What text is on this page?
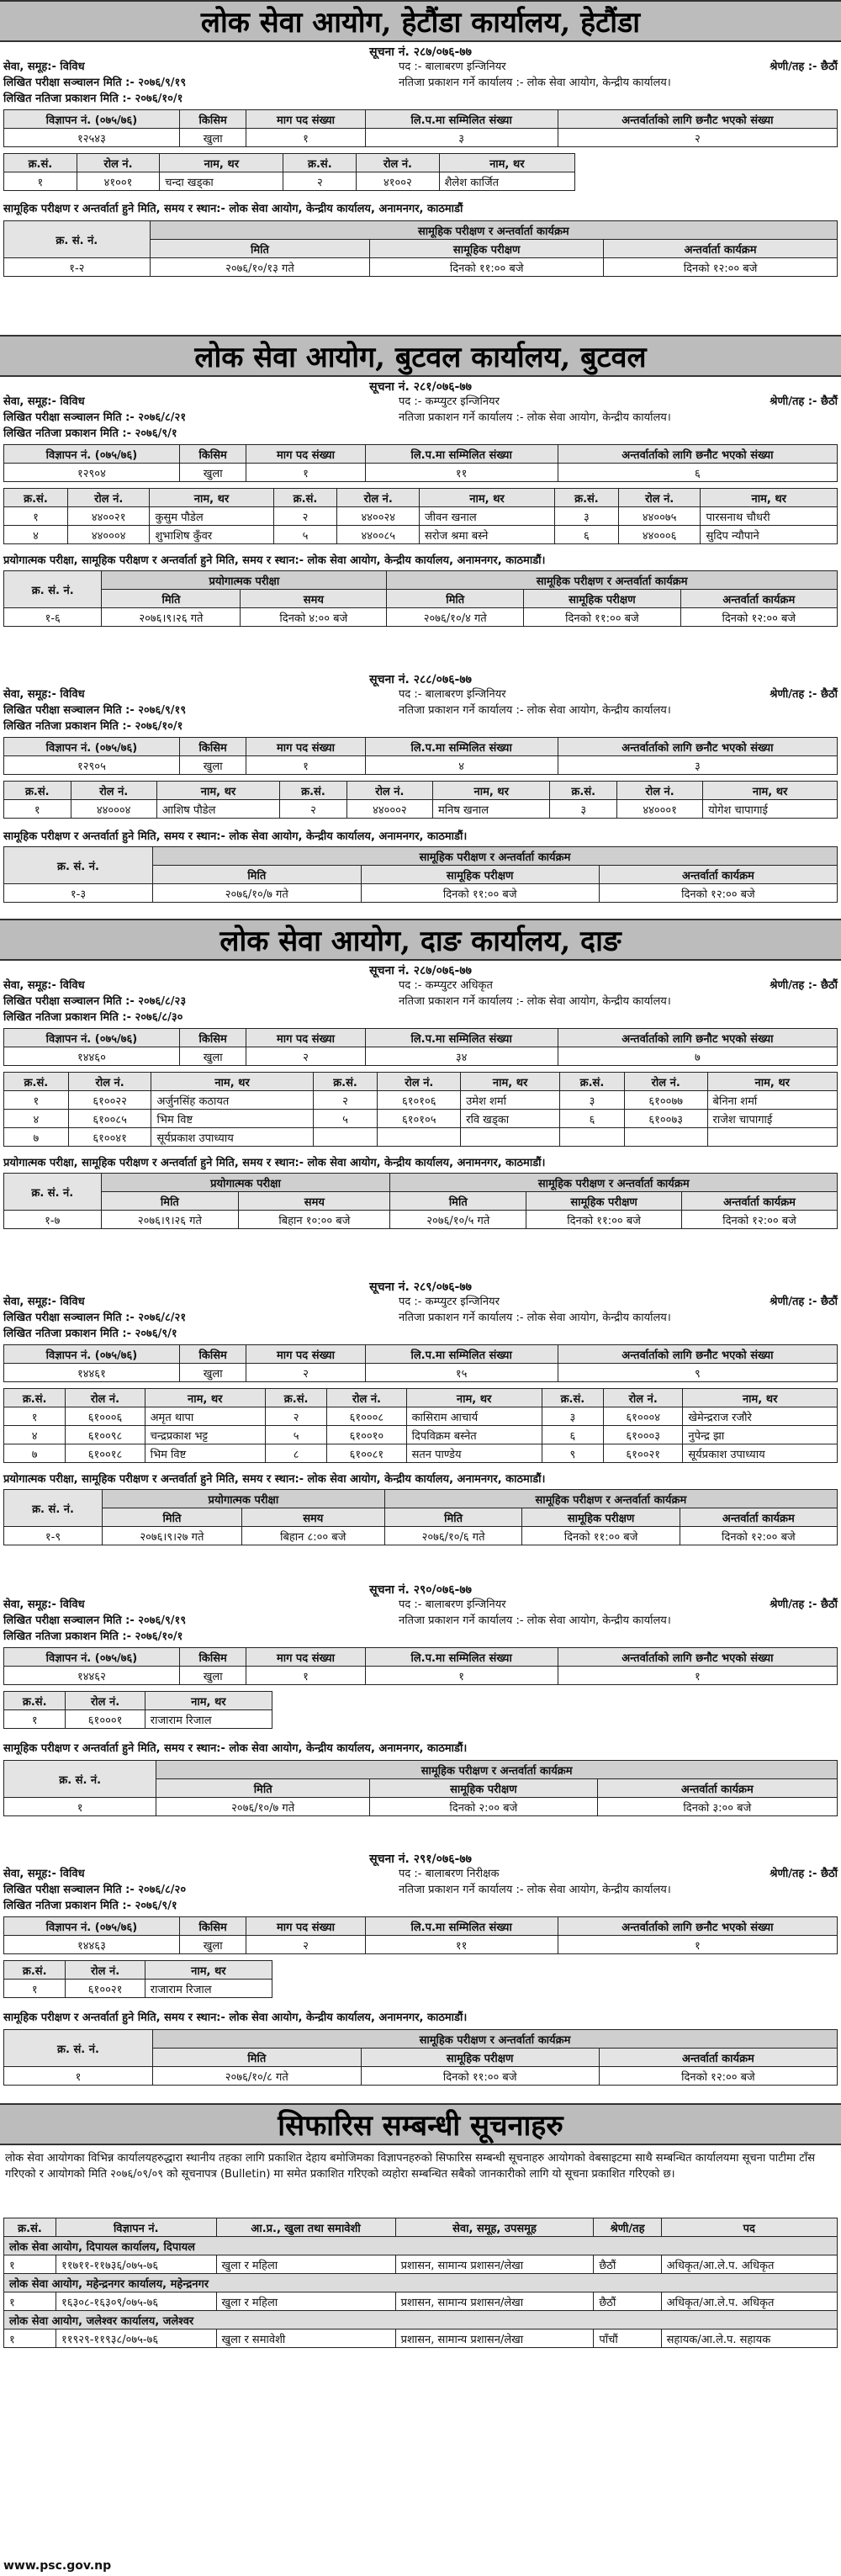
लोक सेवा आयोग, हेटौंडा कार्यालय, हेटौंडा
सूचना नं. २८७/०७६-७७
सेवा, समूह:- विविध	पद :- बालाबरण इन्जिनियर	श्रेणी/तह :- छैठौं
लिखित परीक्षा सञ्चालन मिति :- २०७६/९/१९	नतिजा प्रकाशन गर्ने कार्यालय :- लोक सेवा आयोग, केन्द्रीय कार्यालय।
लिखित नतिजा प्रकाशन मिति :- २०७६/१०/१
विज्ञापन नं. (०७५/७६)	किसिम	माग पद संख्या	लि.प.मा सम्मिलित संख्या	अन्तर्वार्ताको लागि छनौट भएको संख्या
१२५४३	खुला	१	३	२
क्र.सं.	रोल नं.	नाम, थर	क्र.सं.	रोल नं.	नाम, थर
१	४१००१	चन्दा खड्का	२	४१००२	शैलेश कार्जित
सामूहिक परीक्षण र अन्तर्वार्ता हुने मिति, समय र स्थान:- लोक सेवा आयोग, केन्द्रीय कार्यालय, अनामनगर, काठमाडौं
क्र. सं. नं.	सामूहिक परीक्षण र अन्तर्वार्ता कार्यक्रम		
	मिति	सामूहिक परीक्षण	अन्तर्वार्ता कार्यक्रम
१-२	२०७६/१०/१३ गते	दिनको ११:०० बजे	दिनको १२:०० बजे
लोक सेवा आयोग, बुटवल कार्यालय, बुटवल
सूचना नं. २८१/०७६-७७
सेवा, समूह:- विविध	पद :- कम्प्युटर इन्जिनियर	श्रेणी/तह :- छैठौं
लिखित परीक्षा सञ्चालन मिति :- २०७६/८/२१	नतिजा प्रकाशन गर्ने कार्यालय :- लोक सेवा आयोग, केन्द्रीय कार्यालय।
लिखित नतिजा प्रकाशन मिति :- २०७६/९/१
विज्ञापन नं. (०७५/७६)	किसिम	माग पद संख्या	लि.प.मा सम्मिलित संख्या	अन्तर्वार्ताको लागि छनौट भएको संख्या
१२९०४	खुला	१	११	६
क्र.सं.	रोल नं.	नाम, थर	क्र.सं.	रोल नं.	नाम, थर	क्र.सं.	रोल नं.	नाम, थर
१	४४००२१	कुसुम पौडेल	२	४४००२४	जीवन खनाल	३	४४००७५	पारसनाथ चौधरी
४	४४०००४	शुभाशिष कुँवर	५	४४००८५	सरोज श्रमा बस्ने	६	४४०००६	सुदिप न्यौपाने
प्रयोगात्मक परीक्षा, सामूहिक परीक्षण र अन्तर्वार्ता हुने मिति, समय र स्थान:- लोक सेवा आयोग, केन्द्रीय कार्यालय, अनामनगर, काठमाडौं।
क्र. सं. नं.	प्रयोगात्मक परीक्षा		सामूहिक परीक्षण र अन्तर्वार्ता कार्यक्रम		
	मिति	समय	मिति	सामूहिक परीक्षण	अन्तर्वार्ता कार्यक्रम
१-६	२०७६।९।२६ गते	दिनको ४:०० बजे	२०७६/१०/४ गते	दिनको ११:०० बजे	दिनको १२:०० बजे
सूचना नं. २८८/०७६-७७
सेवा, समूह:- विविध	पद :- बालाबरण इन्जिनियर	श्रेणी/तह :- छैठौं
लिखित परीक्षा सञ्चालन मिति :- २०७६/९/१९	नतिजा प्रकाशन गर्ने कार्यालय :- लोक सेवा आयोग, केन्द्रीय कार्यालय।
लिखित नतिजा प्रकाशन मिति :- २०७६/१०/१
विज्ञापन नं. (०७५/७६)	किसिम	माग पद संख्या	लि.प.मा सम्मिलित संख्या	अन्तर्वार्ताको लागि छनौट भएको संख्या
१२९०५	खुला	१	४	३
क्र.सं.	रोल नं.	नाम, थर	क्र.सं.	रोल नं.	नाम, थर	क्र.सं.	रोल नं.	नाम, थर
१	४४०००४	आशिष पौडेल	२	४४०००२	मनिष खनाल	३	४४०००१	योगेश चापागाई
सामूहिक परीक्षण र अन्तर्वार्ता हुने मिति, समय र स्थान:- लोक सेवा आयोग, केन्द्रीय कार्यालय, अनामनगर, काठमाडौं।
क्र. सं. नं.	सामूहिक परीक्षण र अन्तर्वार्ता कार्यक्रम		
	मिति	सामूहिक परीक्षण	अन्तर्वार्ता कार्यक्रम
१-३	२०७६/१०/७ गते	दिनको ११:०० बजे	दिनको १२:०० बजे
लोक सेवा आयोग, दाङ कार्यालय, दाङ
सूचना नं. २८७/०७६-७७
सेवा, समूह:- विविध	पद :- कम्प्युटर अधिकृत	श्रेणी/तह :- छैठौं
लिखित परीक्षा सञ्चालन मिति :- २०७६/८/२३	नतिजा प्रकाशन गर्ने कार्यालय :- लोक सेवा आयोग, केन्द्रीय कार्यालय।
लिखित नतिजा प्रकाशन मिति :- २०७६/८/३०
विज्ञापन नं. (०७५/७६)	किसिम	माग पद संख्या	लि.प.मा सम्मिलित संख्या	अन्तर्वार्ताको लागि छनौट भएको संख्या
१४४६०	खुला	२	३४	७
क्र.सं.	रोल नं.	नाम, थर	क्र.सं.	रोल नं.	नाम, थर	क्र.सं.	रोल नं.	नाम, थर
१	६१००२२	अर्जुनसिंह कठायत	२	६१०१०६	उमेश शर्मा	३	६१००७७	बेनिना शर्मा
४	६१००८५	भिम विष्ट	५	६१०१०५	रवि खड्का	६	६१००७३	राजेश चापागाई
७	६१००४१	सूर्यप्रकाश उपाध्याय						
प्रयोगात्मक परीक्षा, सामूहिक परीक्षण र अन्तर्वार्ता हुने मिति, समय र स्थान:- लोक सेवा आयोग, केन्द्रीय कार्यालय, अनामनगर, काठमाडौं।
क्र. सं. नं.	प्रयोगात्मक परीक्षा		सामूहिक परीक्षण र अन्तर्वार्ता कार्यक्रम		
	मिति	समय	मिति	सामूहिक परीक्षण	अन्तर्वार्ता कार्यक्रम
१-७	२०७६।९।२६ गते	बिहान १०:०० बजे	२०७६/१०/५ गते	दिनको ११:०० बजे	दिनको १२:०० बजे
सूचना नं. २८९/०७६-७७
सेवा, समूह:- विविध	पद :- कम्प्युटर इन्जिनियर	श्रेणी/तह :- छैठौं
लिखित परीक्षा सञ्चालन मिति :- २०७६/८/२१	नतिजा प्रकाशन गर्ने कार्यालय :- लोक सेवा आयोग, केन्द्रीय कार्यालय।
लिखित नतिजा प्रकाशन मिति :- २०७६/९/१
विज्ञापन नं. (०७५/७६)	किसिम	माग पद संख्या	लि.प.मा सम्मिलित संख्या	अन्तर्वार्ताको लागि छनौट भएको संख्या
१४४६१	खुला	२	१५	९
क्र.सं.	रोल नं.	नाम, थर	क्र.सं.	रोल नं.	नाम, थर	क्र.सं.	रोल नं.	नाम, थर
१	६१०००६	अमृत थापा	२	६१०००८	कासिराम आचार्य	३	६१०००४	खेमेन्द्रराज रजौरे
४	६१००९८	चन्द्रप्रकाश भट्ट	५	६१००१०	दिपविक्रम बस्नेत	६	६१०००३	नुपेन्द्र झा
७	६१००१८	भिम विष्ट	८	६१००८१	सतन पाण्डेय	९	६१००२१	सूर्यप्रकाश उपाध्याय
प्रयोगात्मक परीक्षा, सामूहिक परीक्षण र अन्तर्वार्ता हुने मिति, समय र स्थान:- लोक सेवा आयोग, केन्द्रीय कार्यालय, अनामनगर, काठमाडौं।
क्र. सं. नं.	प्रयोगात्मक परीक्षा		सामूहिक परीक्षण र अन्तर्वार्ता कार्यक्रम		
	मिति	समय	मिति	सामूहिक परीक्षण	अन्तर्वार्ता कार्यक्रम
१-९	२०७६।९।२७ गते	बिहान ८:०० बजे	२०७६/१०/६ गते	दिनको ११:०० बजे	दिनको १२:०० बजे
सूचना नं. २९०/०७६-७७
सेवा, समूह:- विविध	पद :- बालाबरण इन्जिनियर	श्रेणी/तह :- छैठौं
लिखित परीक्षा सञ्चालन मिति :- २०७६/९/१९	नतिजा प्रकाशन गर्ने कार्यालय :- लोक सेवा आयोग, केन्द्रीय कार्यालय।
लिखित नतिजा प्रकाशन मिति :- २०७६/१०/१
विज्ञापन नं. (०७५/७६)	किसिम	माग पद संख्या	लि.प.मा सम्मिलित संख्या	अन्तर्वार्ताको लागि छनौट भएको संख्या
१४४६२	खुला	१	१	१
क्र.सं.	रोल नं.	नाम, थर
१	६१०००१	राजाराम रिजाल
सामूहिक परीक्षण र अन्तर्वार्ता हुने मिति, समय र स्थान:- लोक सेवा आयोग, केन्द्रीय कार्यालय, अनामनगर, काठमाडौं।
क्र. सं. नं.	सामूहिक परीक्षण र अन्तर्वार्ता कार्यक्रम		
	मिति	सामूहिक परीक्षण	अन्तर्वार्ता कार्यक्रम
१	२०७६/१०/७ गते	दिनको २:०० बजे	दिनको ३:०० बजे
सूचना नं. २९१/०७६-७७
सेवा, समूह:- विविध	पद :- बालाबरण निरीक्षक	श्रेणी/तह :- छैठौं
लिखित परीक्षा सञ्चालन मिति :- २०७६/८/२०	नतिजा प्रकाशन गर्ने कार्यालय :- लोक सेवा आयोग, केन्द्रीय कार्यालय।
लिखित नतिजा प्रकाशन मिति :- २०७६/९/१
विज्ञापन नं. (०७५/७६)	किसिम	माग पद संख्या	लि.प.मा सम्मिलित संख्या	अन्तर्वार्ताको लागि छनौट भएको संख्या
१४४६३	खुला	२	११	१
क्र.सं.	रोल नं.	नाम, थर
१	६१००२१	राजाराम रिजाल
सामूहिक परीक्षण र अन्तर्वार्ता हुने मिति, समय र स्थान:- लोक सेवा आयोग, केन्द्रीय कार्यालय, अनामनगर, काठमाडौं।
क्र. सं. नं.	सामूहिक परीक्षण र अन्तर्वार्ता कार्यक्रम		
	मिति	सामूहिक परीक्षण	अन्तर्वार्ता कार्यक्रम
१	२०७६/१०/८ गते	दिनको ११:०० बजे	दिनको १२:०० बजे
सिफारिस सम्बन्धी सूचनाहरु
लोक सेवा आयोगका विभिन्न कार्यालयहरुद्धारा स्थानीय तहका लागि प्रकाशित देहाय बमोजिमका विज्ञापनहरुको सिफारिस सम्बन्धी सूचनाहरु आयोगको वेबसाइटमा साथै सम्बन्धित कार्यालयमा सूचना पाटीमा टाँस गरिएको र आयोगको मिति २०७६/०९/०९ को सूचनापत्र (Bulletin) मा समेत प्रकाशित गरिएको व्यहोरा सम्बन्धित सबैको जानकारीको लागि यो सूचना प्रकाशित गरिएको छ।
क्र.सं.	विज्ञापन नं.	आ.प्र., खुला तथा समावेशी	सेवा, समूह, उपसमूह	श्रेणी/तह	पद
लोक सेवा आयोग, दिपायल कार्यालय, दिपायल					
१	११७११-११७३६/०७५-७६	खुला र महिला	प्रशासन, सामान्य प्रशासन/लेखा	छैठौं	अधिकृत/आ.ले.प. अधिकृत
लोक सेवा आयोग, महेन्द्रनगर कार्यालय, महेन्द्रनगर					
१	१६३०८-१६३०९/०७५-७६	खुला र महिला	प्रशासन, सामान्य प्रशासन/लेखा	छैठौं	अधिकृत/आ.ले.प. अधिकृत
लोक सेवा आयोग, जलेश्वर कार्यालय, जलेश्वर					
१	११९२९-११९३८/०७५-७६	खुला र समावेशी	प्रशासन, सामान्य प्रशासन/लेखा	पाँचौं	सहायक/आ.ले.प. सहायक
www.psc.gov.np
